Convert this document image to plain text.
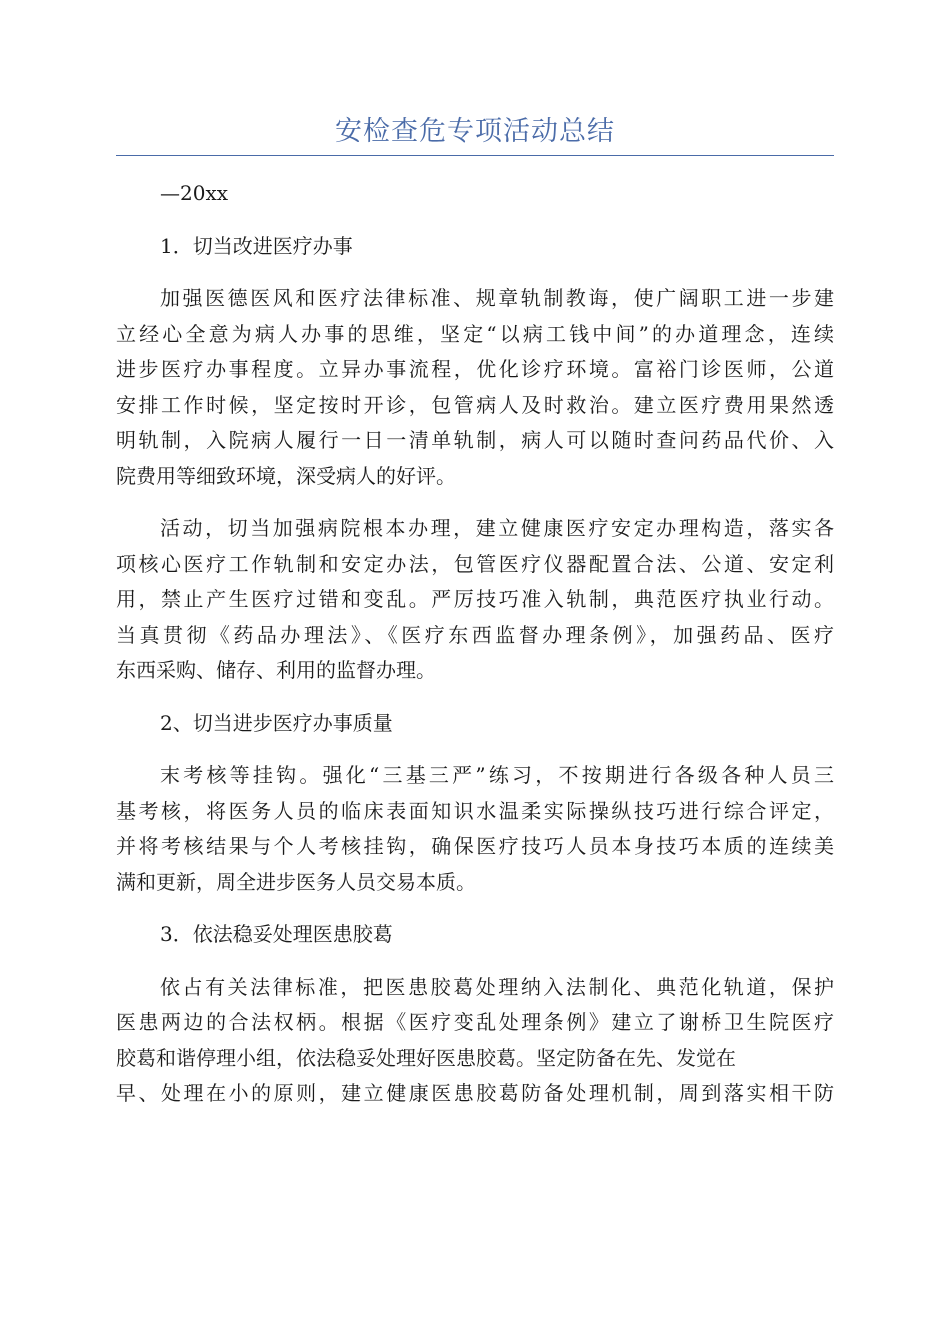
安检查危专项活动总结
—20xx
1．切当改进医疗办事
加强医德医风和医疗法律标准、规章轨制教诲，使广阔职工进一步建
立经心全意为病人办事的思维，坚定“以病工钱中间”的办道理念，连续
进步医疗办事程度。立异办事流程，优化诊疗环境。富裕门诊医师，公道
安排工作时候，坚定按时开诊，包管病人及时救治。建立医疗费用果然透
明轨制，入院病人履行一日一清单轨制，病人可以随时查问药品代价、入
院费用等细致环境，深受病人的好评。
活动，切当加强病院根本办理，建立健康医疗安定办理构造，落实各
项核心医疗工作轨制和安定办法，包管医疗仪器配置合法、公道、安定利
用，禁止产生医疗过错和变乱。严厉技巧准入轨制，典范医疗执业行动。
当真贯彻《药品办理法》、《医疗东西监督办理条例》，加强药品、医疗
东西采购、储存、利用的监督办理。
2、切当进步医疗办事质量
末考核等挂钩。强化“三基三严”练习，不按期进行各级各种人员三
基考核，将医务人员的临床表面知识水温柔实际操纵技巧进行综合评定，
并将考核结果与个人考核挂钩，确保医疗技巧人员本身技巧本质的连续美
满和更新，周全进步医务人员交易本质。
3．依法稳妥处理医患胶葛
依占有关法律标准，把医患胶葛处理纳入法制化、典范化轨道，保护
医患两边的合法权柄。根据《医疗变乱处理条例》建立了谢桥卫生院医疗
胶葛和谐停理小组，依法稳妥处理好医患胶葛。坚定防备在先、发觉在
早、处理在小的原则，建立健康医患胶葛防备处理机制，周到落实相干防
